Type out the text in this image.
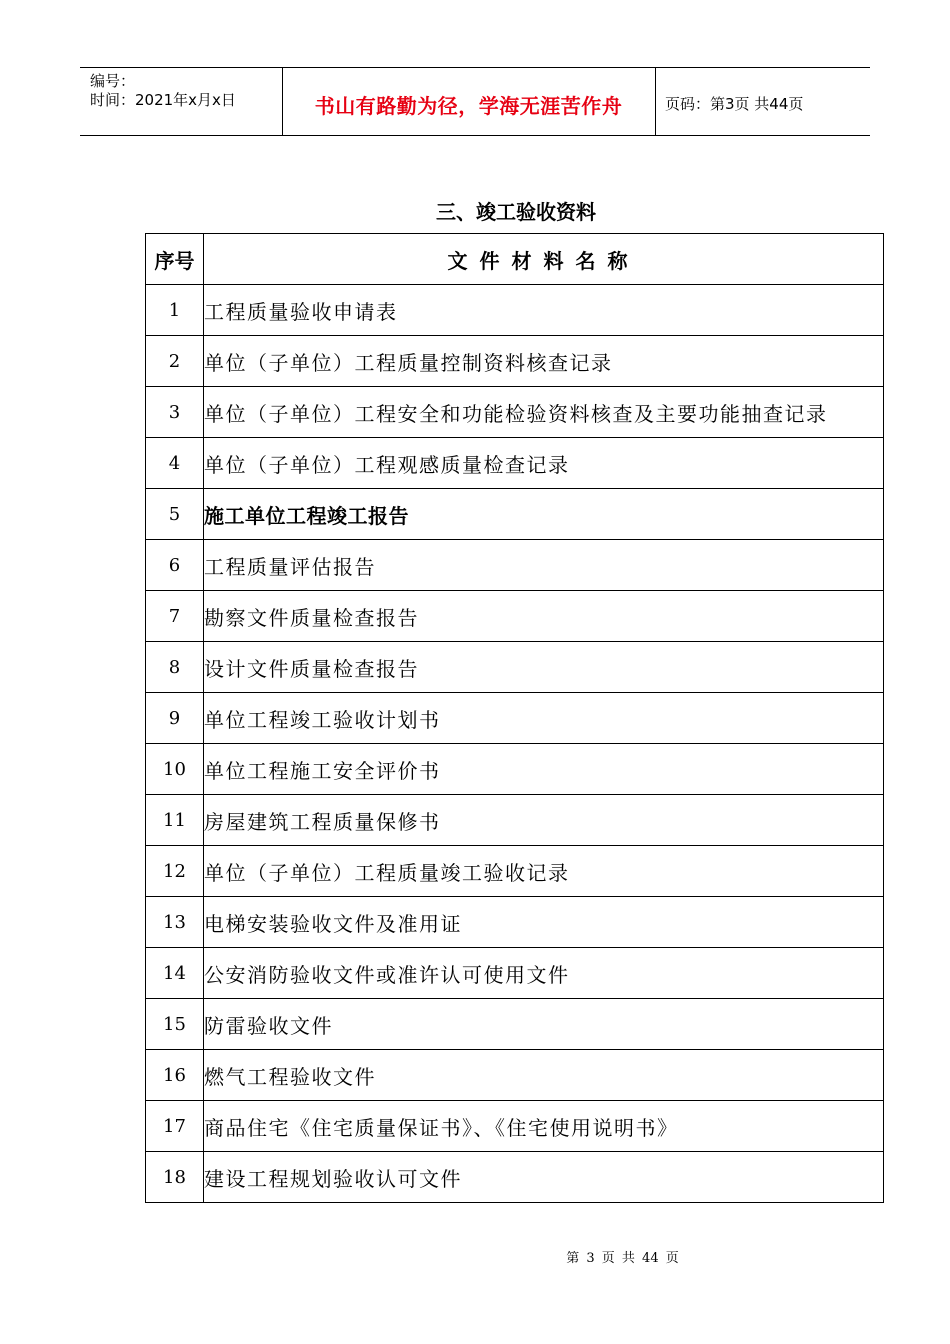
编号：
时间：2021年x月x日	书山有路勤为径，学海无涯苦作舟	页码：第3页 共44页
三、竣工验收资料
序号	文件材料名称
1	工程质量验收申请表
2	单位（子单位）工程质量控制资料核查记录
3	单位（子单位）工程安全和功能检验资料核查及主要功能抽查记录
4	单位（子单位）工程观感质量检查记录
5	施工单位工程竣工报告
6	工程质量评估报告
7	勘察文件质量检查报告
8	设计文件质量检查报告
9	单位工程竣工验收计划书
10	单位工程施工安全评价书
11	房屋建筑工程质量保修书
12	单位（子单位）工程质量竣工验收记录
13	电梯安装验收文件及准用证
14	公安消防验收文件或准许认可使用文件
15	防雷验收文件
16	燃气工程验收文件
17	商品住宅《住宅质量保证书》、《住宅使用说明书》
18	建设工程规划验收认可文件
第 3 页 共 44 页
